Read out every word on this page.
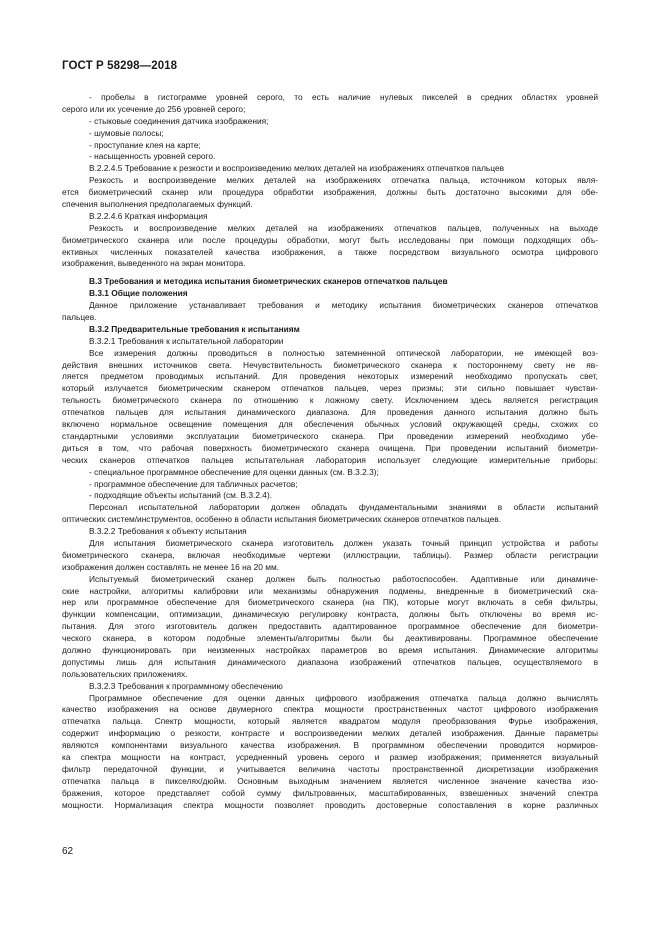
ГОСТ Р 58298—2018
- пробелы в гистограмме уровней серого, то есть наличие нулевых пикселей в средних областях уровней
серого или их усечение до 256 уровней серого;
- стыковые соединения датчика изображения;
- шумовые полосы;
- проступание клея на карте;
- насыщенность уровней серого.
В.2.2.4.5 Требование к резкости и воспроизведению мелких деталей на изображениях отпечатков пальцев
Резкость и воспроизведение мелких деталей на изображениях отпечатка пальца, источником которых явля-
ется биометрический сканер или процедура обработки изображения, должны быть достаточно высокими для обе-
спечения выполнения предполагаемых функций.
В.2.2.4.6 Краткая информация
Резкость и воспроизведение мелких деталей на изображениях отпечатков пальцев, полученных на выходе
биометрического сканера или после процедуры обработки, могут быть исследованы при помощи подходящих объ-
ективных численных показателей качества изображения, а также посредством визуального осмотра цифрового
изображения, выведенного на экран монитора.
В.3 Требования и методика испытания биометрических сканеров отпечатков пальцев
В.3.1 Общие положения
Данное приложение устанавливает требования и методику испытания биометрических сканеров отпечатков
пальцев.
В.3.2 Предварительные требования к испытаниям
В.3.2.1 Требования к испытательной лаборатории
Все измерения должны проводиться в полностью затемненной оптической лаборатории, не имеющей воз-
действия внешних источников света. Нечувствительность биометрического сканера к постороннему свету не яв-
ляется предметом проводимых испытаний. Для проведения некоторых измерений необходимо пропускать свет,
который излучается биометрическим сканером отпечатков пальцев, через призмы; эти сильно повышает чувстви-
тельность биометрического сканера по отношению к ложному свету. Исключением здесь является регистрация
отпечатков пальцев для испытания динамического диапазона. Для проведения данного испытания должно быть
включено нормальное освещение помещения для обеспечения обычных условий окружающей среды, схожих со
стандартными условиями эксплуатации биометрического сканера. При проведении измерений необходимо убе-
диться в том, что рабочая поверхность биометрического сканера очищена. При проведении испытаний биометри-
ческих сканеров отпечатков пальцев испытательная лаборатория использует следующие измерительные приборы:
- специальное программное обеспечение для оценки данных (см. В.3.2.3);
- программное обеспечение для табличных расчетов;
- подходящие объекты испытаний (см. В.3.2.4).
Персонал испытательной лаборатории должен обладать фундаментальными знаниями в области испытаний
оптических систем/инструментов, особенно в области испытания биометрических сканеров отпечатков пальцев.
В.3.2.2 Требования к объекту испытания
Для испытания биометрического сканера изготовитель должен указать точный принцип устройства и работы
биометрического сканера, включая необходимые чертежи (иллюстрации, таблицы). Размер области регистрации
изображения должен составлять не менее 16 на 20 мм.
Испытуемый биометрический сканер должен быть полностью работоспособен. Адаптивные или динамиче-
ские настройки, алгоритмы калибровки или механизмы обнаружения подмены, внедренные в биометрический ска-
нер или программное обеспечение для биометрического сканера (на ПК), которые могут включать в себя фильтры,
функции компенсации, оптимизации, динамическую регулировку контраста, должны быть отключены во время ис-
пытания. Для этого изготовитель должен предоставить адаптированное программное обеспечение для биометри-
ческого сканера, в котором подобные элементы/алгоритмы были бы деактивированы. Программное обеспечение
должно функционировать при неизменных настройках параметров во время испытания. Динамические алгоритмы
допустимы лишь для испытания динамического диапазона изображений отпечатков пальцев, осуществляемого в
пользовательских приложениях.
В.3.2.3 Требования к программному обеспечению
Программное обеспечение для оценки данных цифрового изображения отпечатка пальца должно вычислять
качество изображения на основе двумерного спектра мощности пространственных частот цифрового изображения
отпечатка пальца. Спектр мощности, который является квадратом модуля преобразования Фурье изображения,
содержит информацию о резкости, контрасте и воспроизведении мелких деталей изображения. Данные параметры
являются компонентами визуального качества изображения. В программном обеспечении проводится нормиров-
ка спектра мощности на контраст, усредненный уровень серого и размер изображения; применяется визуальный
фильтр передаточной функции, и учитывается величина частоты пространственной дискретизации изображения
отпечатка пальца в пикселях/дюйм. Основным выходным значением является численное значение качества изо-
бражения, которое представляет собой сумму фильтрованных, масштабированных, взвешенных значений спектра
мощности. Нормализация спектра мощности позволяет проводить достоверные сопоставления в корне различных
62
